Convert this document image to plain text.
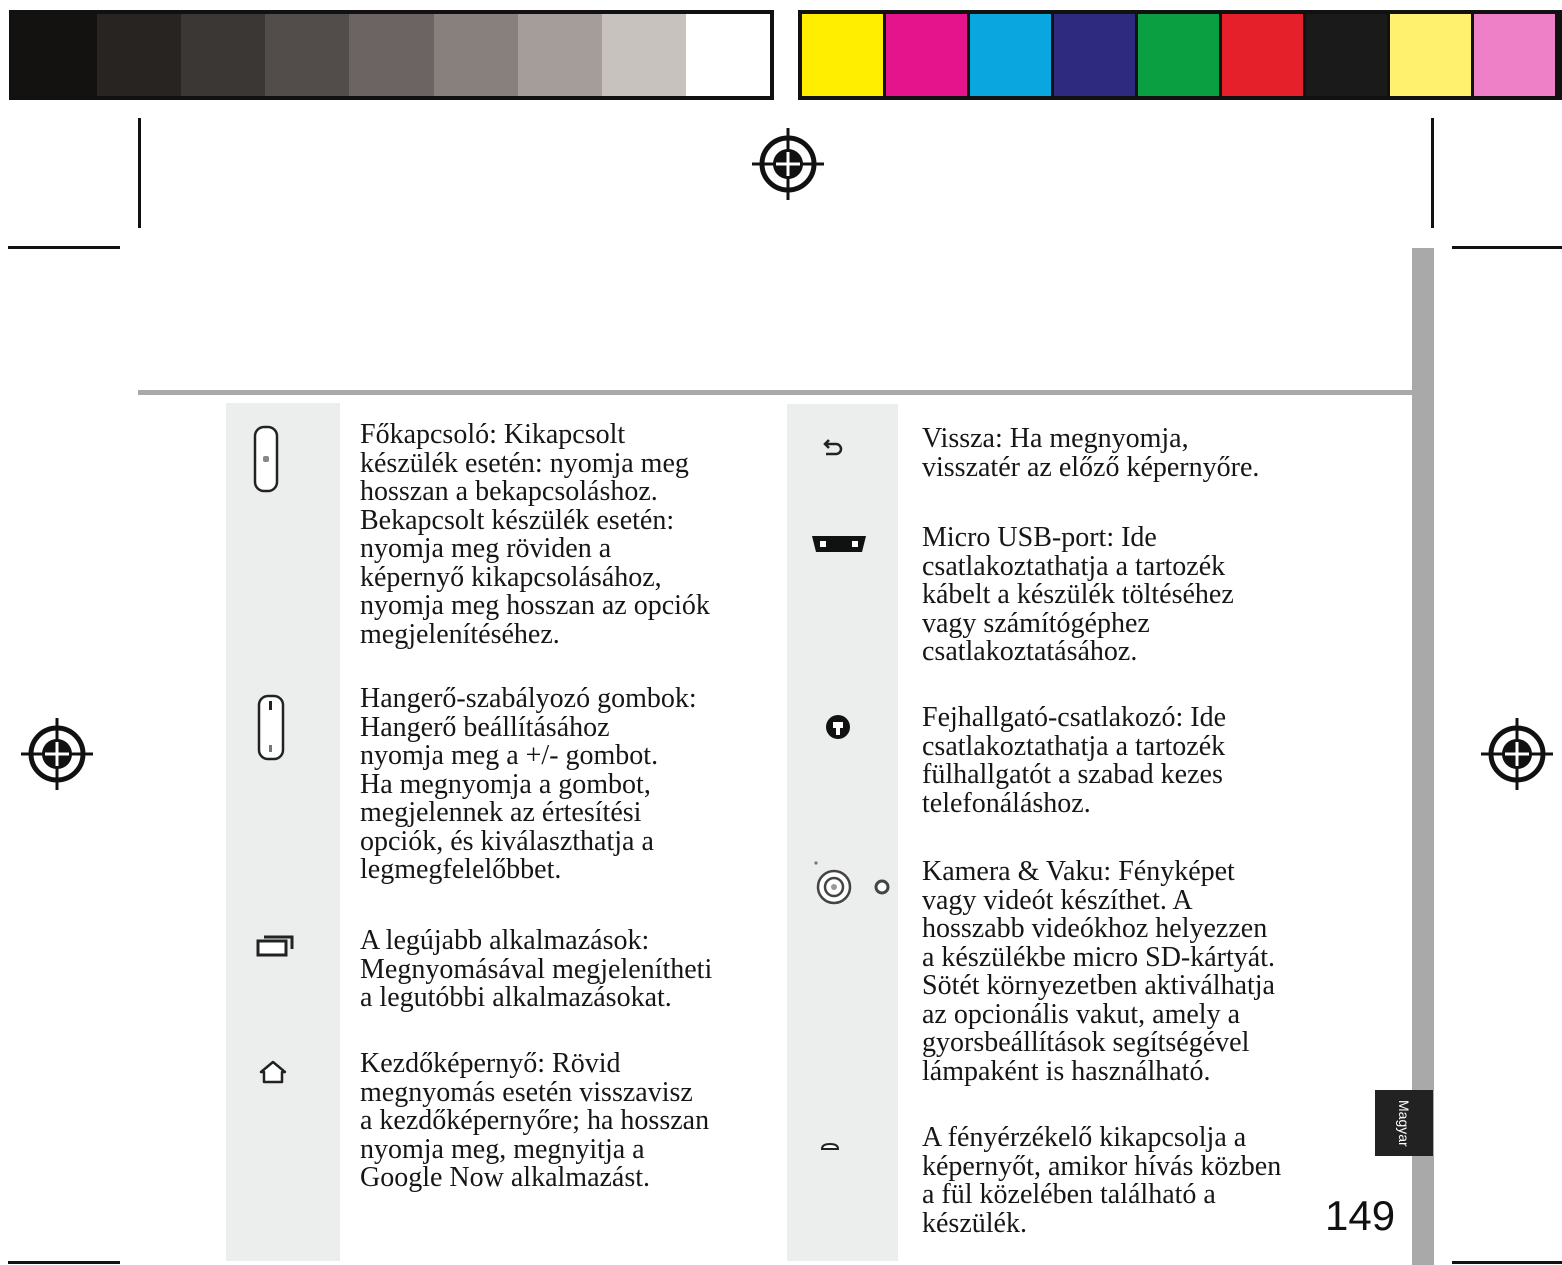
Főkapcsoló: Kikapcsolt
készülék esetén: nyomja meg
hosszan a bekapcsoláshoz.
Bekapcsolt készülék esetén:
nyomja meg röviden a
képernyő kikapcsolásához,
nyomja meg hosszan az opciók
megjelenítéséhez.

Hangerő-szabályozó gombok:
Hangerő beállításához
nyomja meg a +/- gombot.
Ha megnyomja a gombot,
megjelennek az értesítési
opciók, és kiválaszthatja a
legmegfelelőbbet.

A legújabb alkalmazások:
Megnyomásával megjelenítheti
a legutóbbi alkalmazásokat.

Kezdőképernyő: Rövid
megnyomás esetén visszavisz
a kezdőképernyőre; ha hosszan
nyomja meg, megnyitja a
Google Now alkalmazást.

Vissza: Ha megnyomja,
visszatér az előző képernyőre.

Micro USB-port: Ide
csatlakoztathatja a tartozék
kábelt a készülék töltéséhez
vagy számítógéphez
csatlakoztatásához.

Fejhallgató-csatlakozó: Ide
csatlakoztathatja a tartozék
fülhallgatót a szabad kezes
telefonáláshoz.

Kamera & Vaku: Fényképet
vagy videót készíthet. A
hosszabb videókhoz helyezzen
a készülékbe micro SD-kártyát.
Sötét környezetben aktiválhatja
az opcionális vakut, amely a
gyorsbeállítások segítségével
lámpaként is használható.

A fényérzékelő kikapcsolja a
képernyőt, amikor hívás közben
a fül közelében található a
készülék.

Magyar
149
